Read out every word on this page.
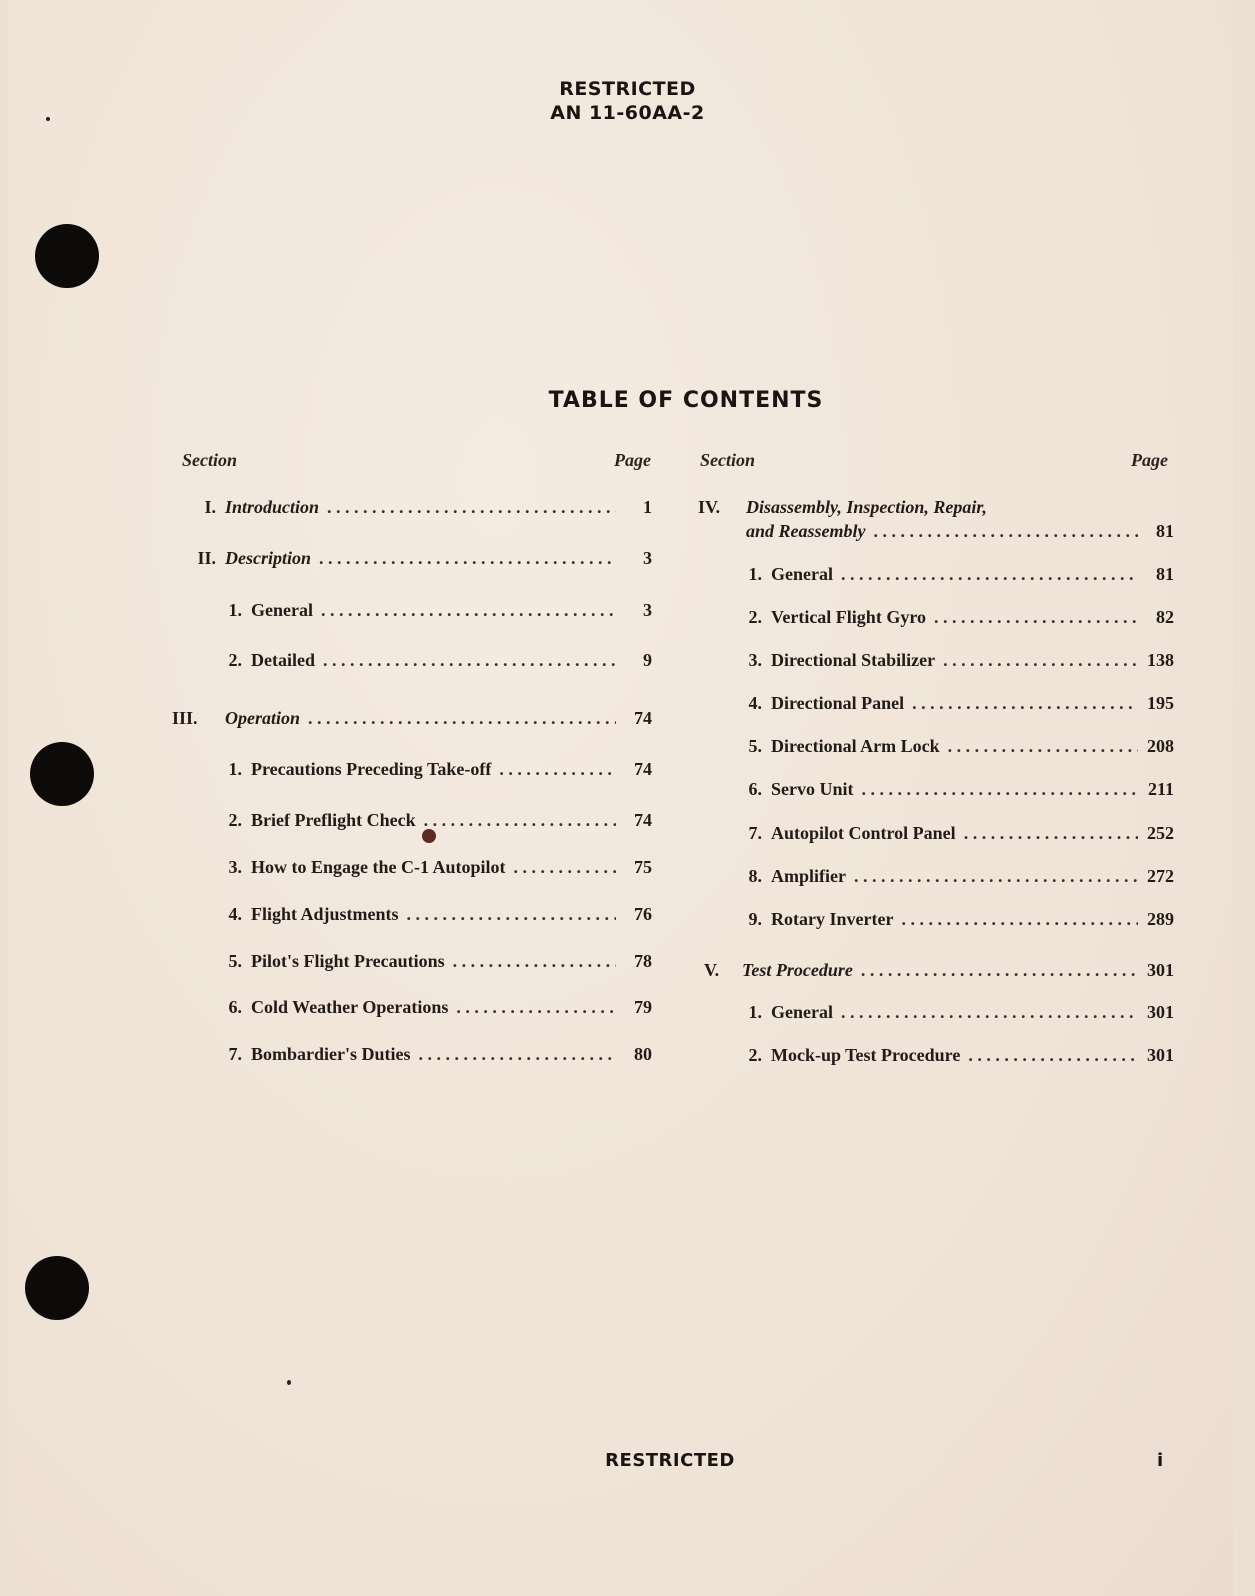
RESTRICTED
AN 11-60AA-2
TABLE OF CONTENTS
Section	Page	Section	Page
I. Introduction . . .	1
II. Description . . .	3
1. General . . .	3
2. Detailed . . .	9
III.	Operation . . .	74
1. Precautions Preceding Take-off . . .	74
2. Brief Preflight Check . . .	74
3. How to Engage the C-1 Autopilot . . .	75
4. Flight Adjustments . . .	76
5. Pilot's Flight Precautions . . .	78
6. Cold Weather Operations . . .	79
7. Bombardier's Duties . . .	80
IV.	Disassembly, Inspection, Repair,
and Reassembly . . .	81
1. General . . .	81
2. Vertical Flight Gyro . . .	82
3. Directional Stabilizer . . .	138
4. Directional Panel . . .	195
5. Directional Arm Lock . . .	208
6. Servo Unit . . .	211
7. Autopilot Control Panel . . .	252
8. Amplifier . . .	272
9. Rotary Inverter . . .	289
V.	Test Procedure . . .	301
1. General . . .	301
2. Mock-up Test Procedure . . .	301
RESTRICTED	i
